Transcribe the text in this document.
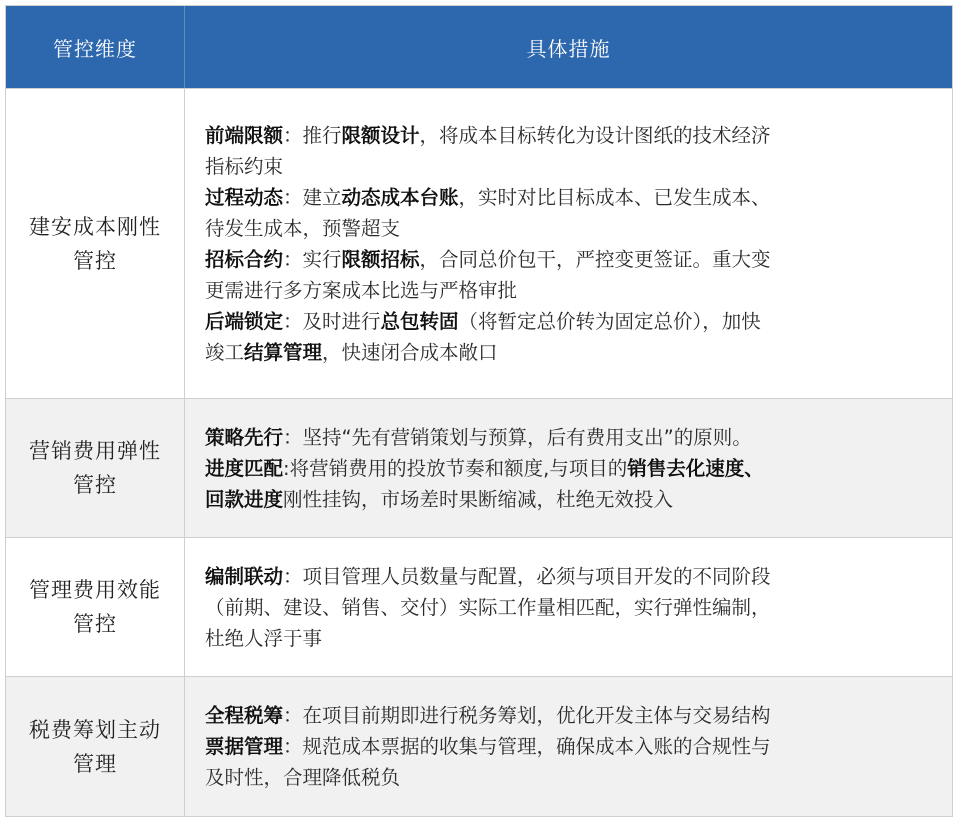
管控维度	具体措施
建安成本刚性管控
前端限额：推行限额设计，将成本目标转化为设计图纸的技术经济
指标约束
过程动态：建立动态成本台账，实时对比目标成本、已发生成本、
待发生成本，预警超支
招标合约：实行限额招标，合同总价包干，严控变更签证。重大变
更需进行多方案成本比选与严格审批
后端锁定：及时进行总包转固（将暂定总价转为固定总价），加快
竣工结算管理，快速闭合成本敞口
营销费用弹性管控
策略先行：坚持“先有营销策划与预算，后有费用支出”的原则。
进度匹配:将营销费用的投放节奏和额度,与项目的销售去化速度、
回款进度刚性挂钩，市场差时果断缩减，杜绝无效投入
管理费用效能管控
编制联动：项目管理人员数量与配置，必须与项目开发的不同阶段
（前期、建设、销售、交付）实际工作量相匹配，实行弹性编制，
杜绝人浮于事
税费筹划主动管理
全程税筹：在项目前期即进行税务筹划，优化开发主体与交易结构
票据管理：规范成本票据的收集与管理，确保成本入账的合规性与
及时性，合理降低税负
